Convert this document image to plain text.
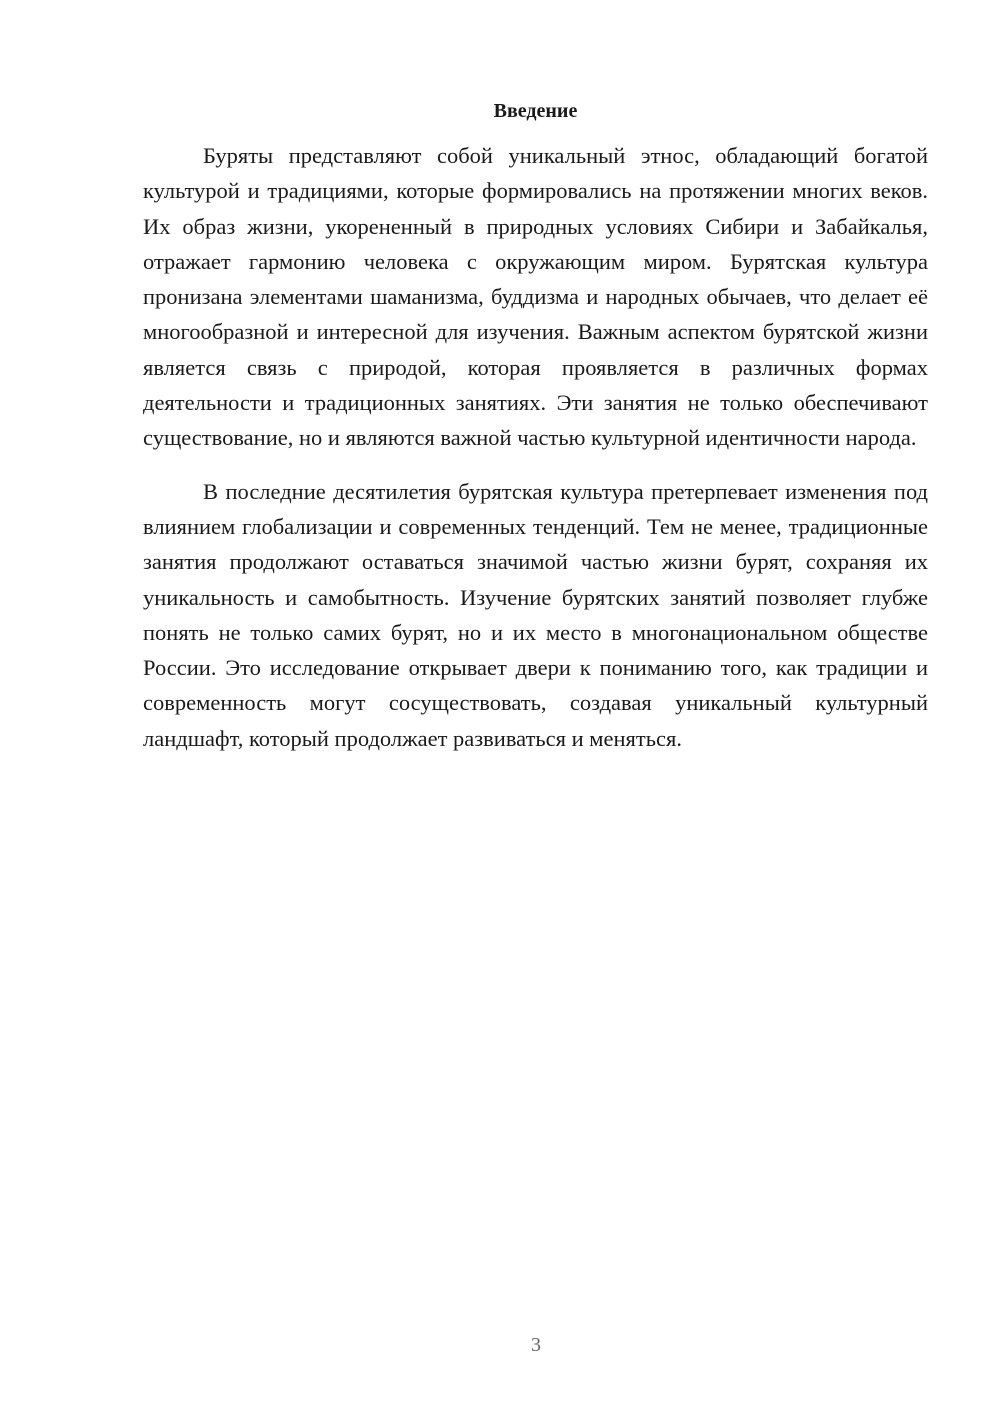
Введение

Буряты представляют собой уникальный этнос, обладающий богатой культурой и традициями, которые формировались на протяжении многих веков. Их образ жизни, укорененный в природных условиях Сибири и Забайкалья, отражает гармонию человека с окружающим миром. Бурятская культура пронизана элементами шаманизма, буддизма и народных обычаев, что делает её многообразной и интересной для изучения. Важным аспектом бурятской жизни является связь с природой, которая проявляется в различных формах деятельности и традиционных занятиях. Эти занятия не только обеспечивают существование, но и являются важной частью культурной идентичности народа.

В последние десятилетия бурятская культура претерпевает изменения под влиянием глобализации и современных тенденций. Тем не менее, традиционные занятия продолжают оставаться значимой частью жизни бурят, сохраняя их уникальность и самобытность. Изучение бурятских занятий позволяет глубже понять не только самих бурят, но и их место в многонациональном обществе России. Это исследование открывает двери к пониманию того, как традиции и современность могут сосуществовать, создавая уникальный культурный ландшафт, который продолжает развиваться и меняться.

3
